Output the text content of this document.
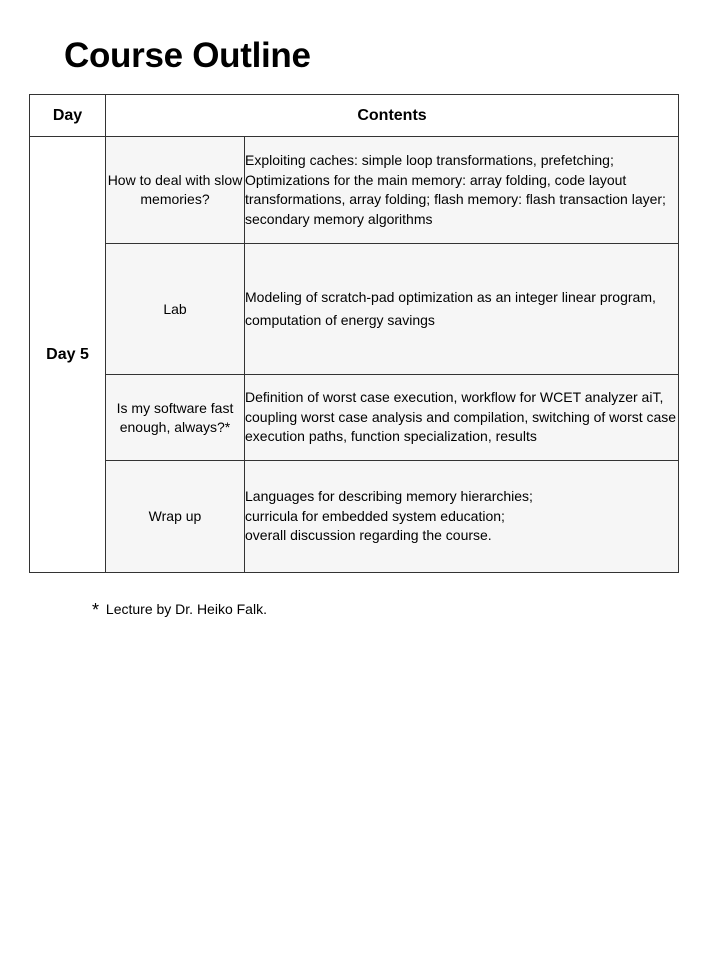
Course Outline
Day	Contents	
Day 5	How to deal with slow memories?	Exploiting caches: simple loop transformations, prefetching; Optimizations for the main memory: array folding, code layout transformations, array folding; flash memory: flash transaction layer; secondary memory algorithms
	Lab	Modeling of scratch-pad optimization as an integer linear program, computation of energy savings
	Is my software fast enough, always?*	Definition of worst case execution, workflow for WCET analyzer aiT, coupling worst case analysis and compilation, switching of worst case execution paths, function specialization, results
	Wrap up	Languages for describing memory hierarchies;
curricula for embedded system education;
overall discussion regarding the course.
* Lecture by Dr. Heiko Falk.
